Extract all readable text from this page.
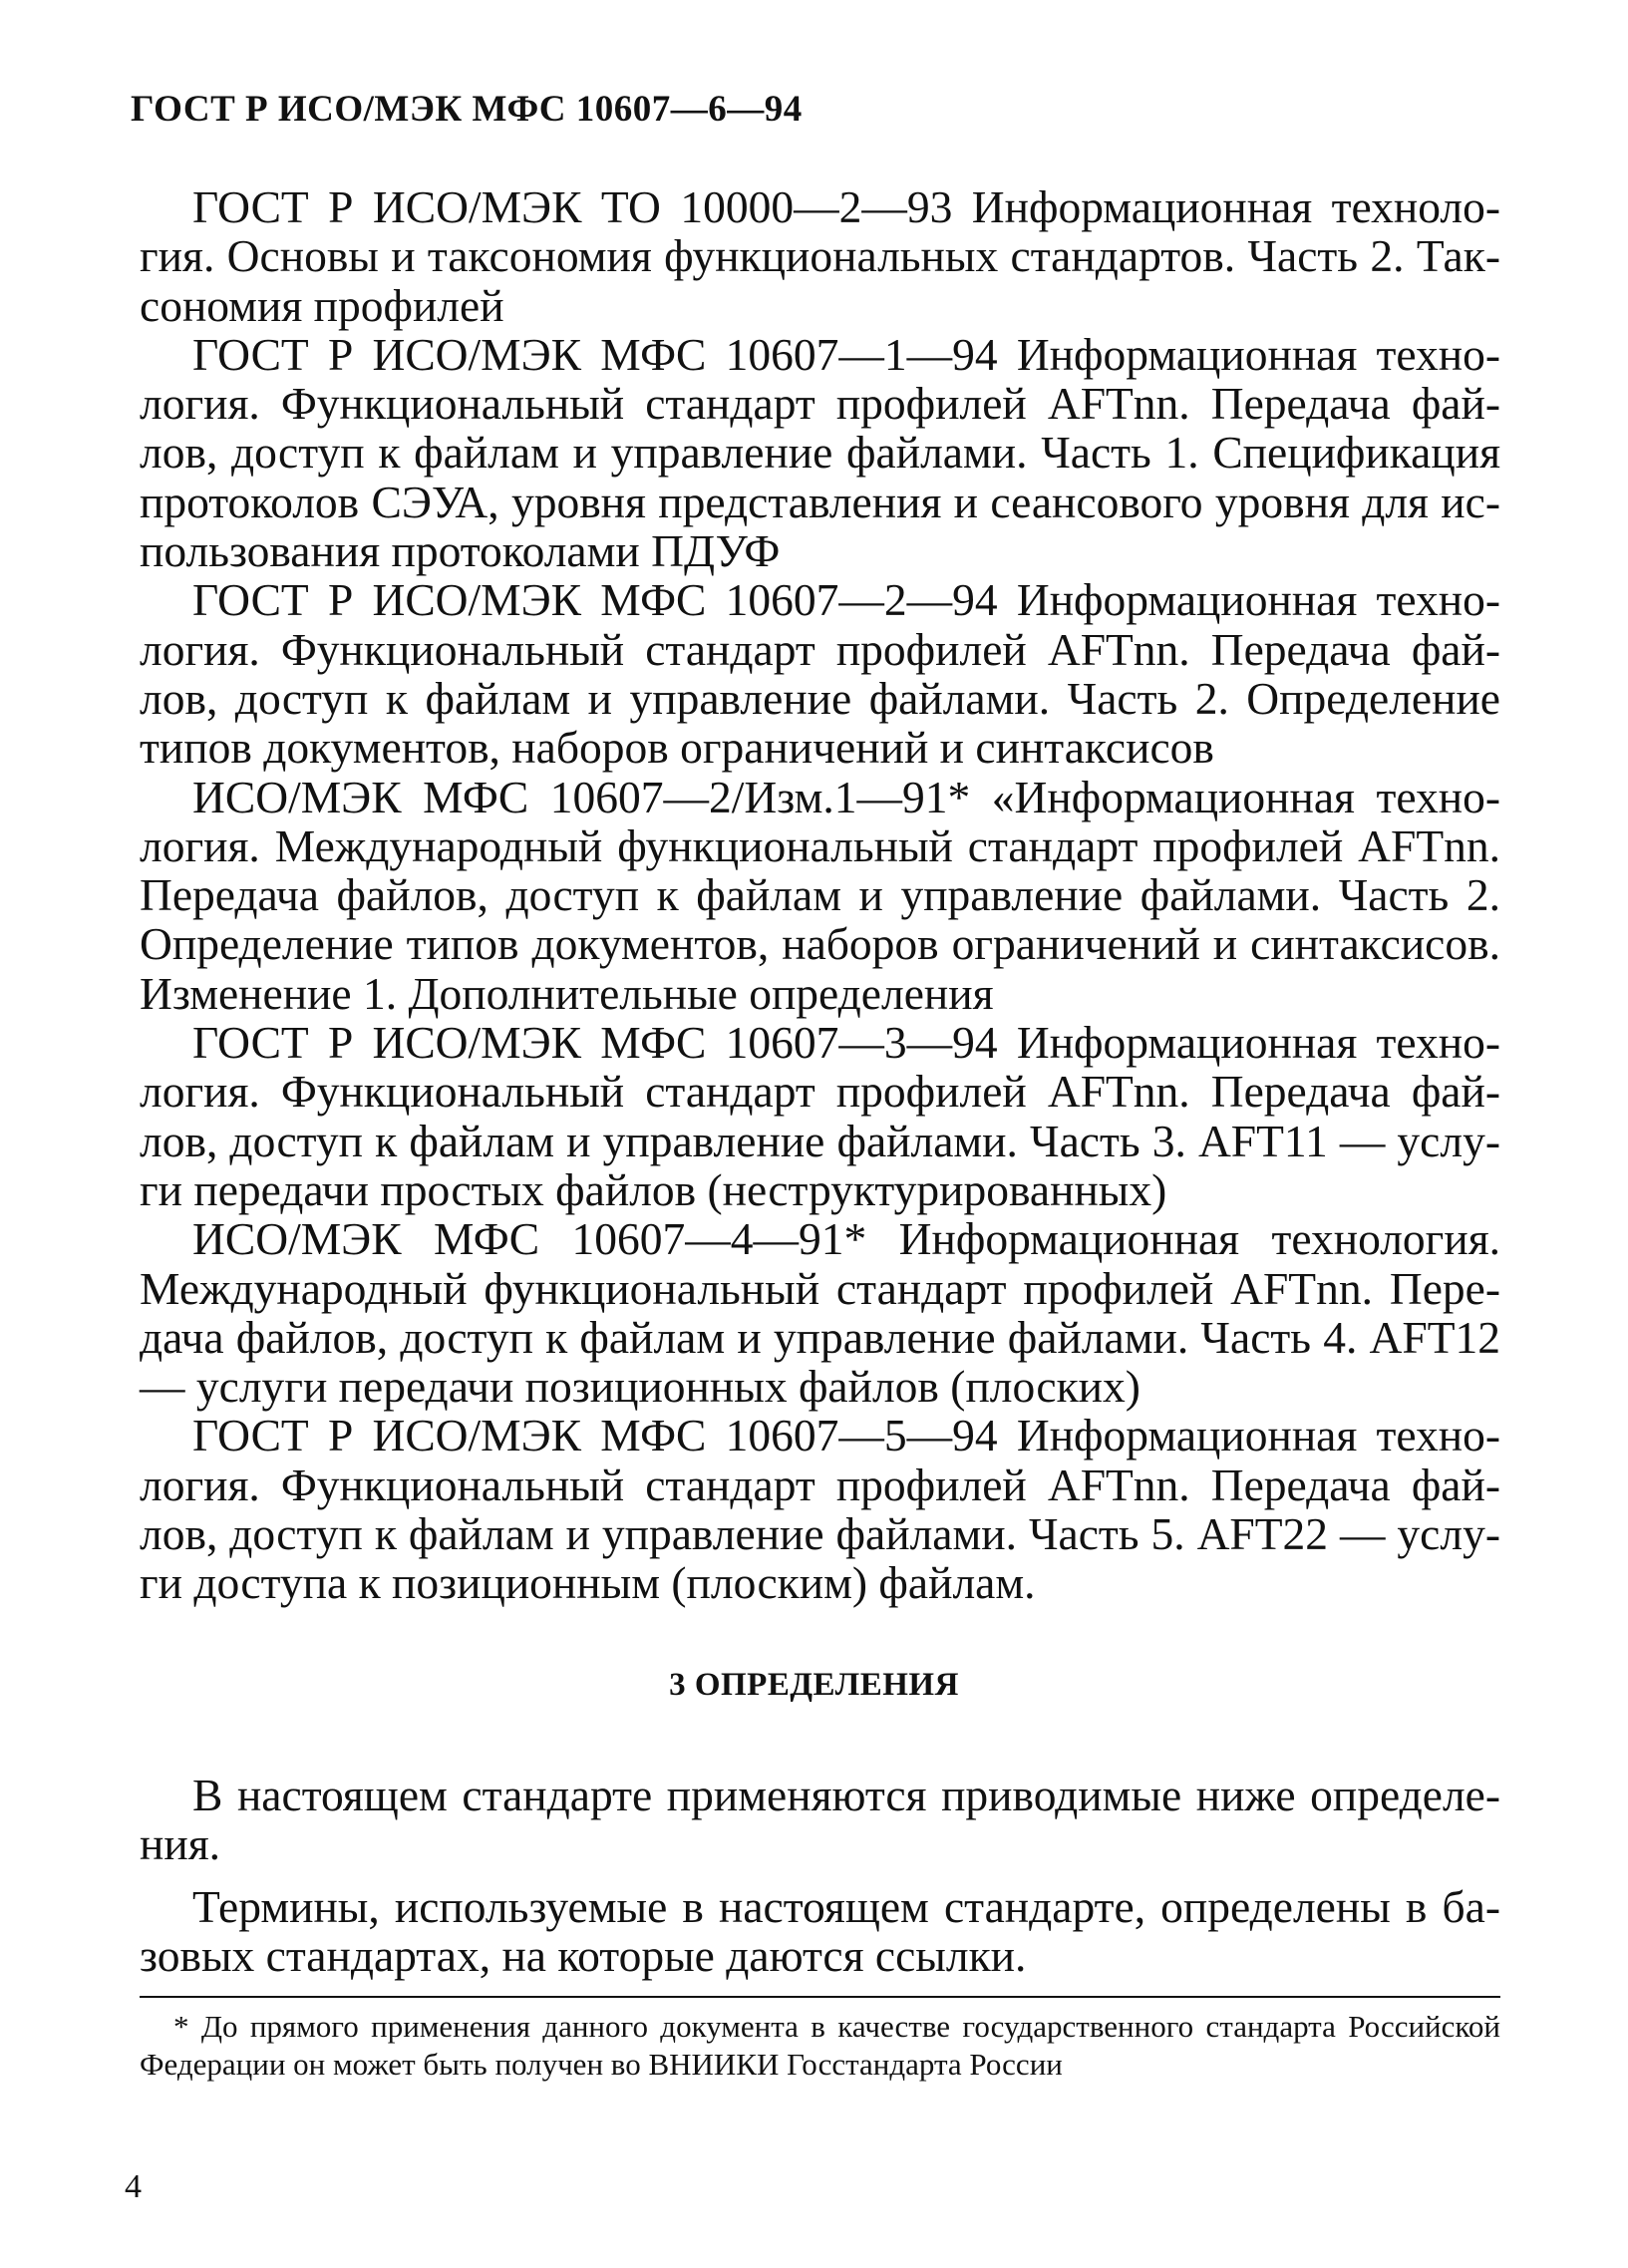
ГОСТ Р ИСО/МЭК МФС 10607—6—94

ГОСТ Р ИСО/МЭК ТО 10000—2—93 Информационная технология. Основы и таксономия функциональных стандартов. Часть 2. Таксономия профилей

ГОСТ Р ИСО/МЭК МФС 10607—1—94 Информационная технология. Функциональный стандарт профилей AFTnn. Передача файлов, доступ к файлам и управление файлами. Часть 1. Спецификация протоколов СЭУА, уровня представления и сеансового уровня для использования протоколами ПДУФ

ГОСТ Р ИСО/МЭК МФС 10607—2—94 Информационная технология. Функциональный стандарт профилей AFTnn. Передача файлов, доступ к файлам и управление файлами. Часть 2. Определение типов документов, наборов ограничений и синтаксисов

ИСО/МЭК МФС 10607—2/Изм.1—91* «Информационная технология. Международный функциональный стандарт профилей AFTnn. Передача файлов, доступ к файлам и управление файлами. Часть 2. Определение типов документов, наборов ограничений и синтаксисов. Изменение 1. Дополнительные определения

ГОСТ Р ИСО/МЭК МФС 10607—3—94 Информационная технология. Функциональный стандарт профилей AFTnn. Передача файлов, доступ к файлам и управление файлами. Часть 3. AFT11 — услуги передачи простых файлов (неструктурированных)

ИСО/МЭК МФС 10607—4—91* Информационная технология. Международный функциональный стандарт профилей AFTnn. Передача файлов, доступ к файлам и управление файлами. Часть 4. AFT12 — услуги передачи позиционных файлов (плоских)

ГОСТ Р ИСО/МЭК МФС 10607—5—94 Информационная технология. Функциональный стандарт профилей AFTnn. Передача файлов, доступ к файлам и управление файлами. Часть 5. AFT22 — услуги доступа к позиционным (плоским) файлам.

3 ОПРЕДЕЛЕНИЯ

В настоящем стандарте применяются приводимые ниже определения.

Термины, используемые в настоящем стандарте, определены в базовых стандартах, на которые даются ссылки.

* До прямого применения данного документа в качестве государственного стандарта Российской Федерации он может быть получен во ВНИИКИ Госстандарта России

4
